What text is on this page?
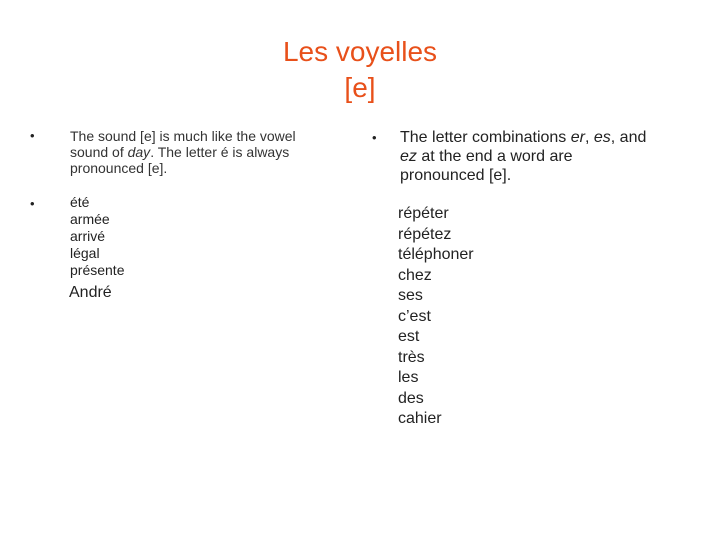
Les voyelles
[e]
•	The sound [e] is much like the vowel
sound of day. The letter é is always
pronounced [e].
•	été
armée
arrivé
légal
présente
André
• The letter combinations er, es, and
ez at the end a word are
pronounced [e].
répéter
répétez
téléphoner
chez
ses
c’est
est
très
les
des
cahier
